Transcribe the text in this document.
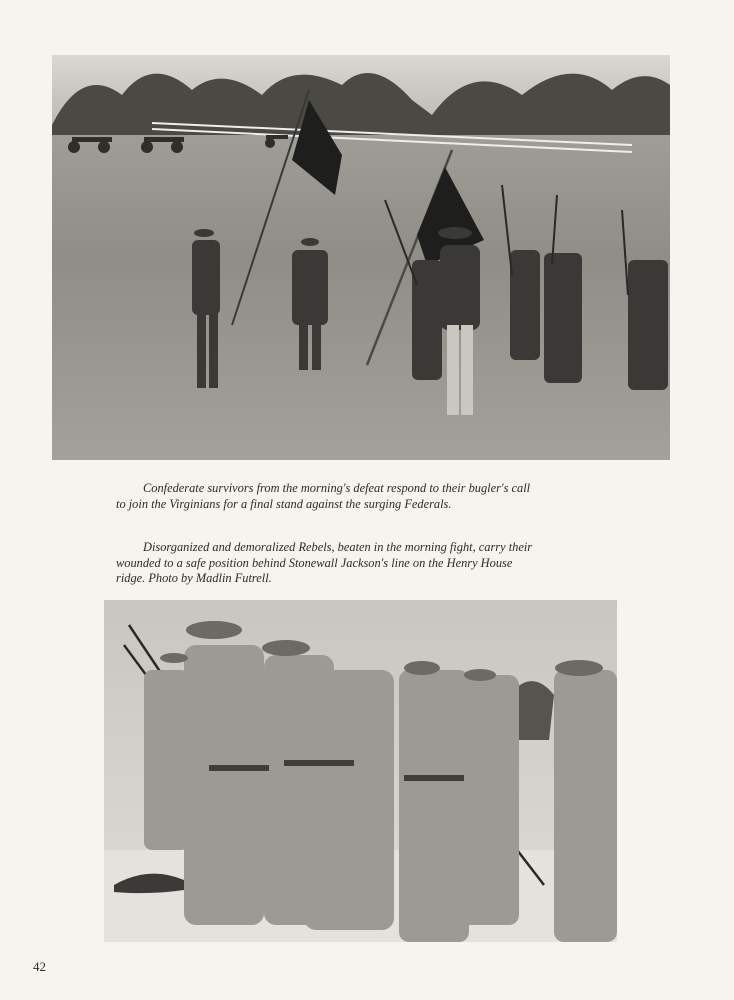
Confederate survivors from the morning's defeat respond to their bugler's call
to join the Virginians for a final stand against the surging Federals.

Disorganized and demoralized Rebels, beaten in the morning fight, carry their
wounded to a safe position behind Stonewall Jackson's line on the Henry House
ridge. Photo by Madlin Futrell.

42
